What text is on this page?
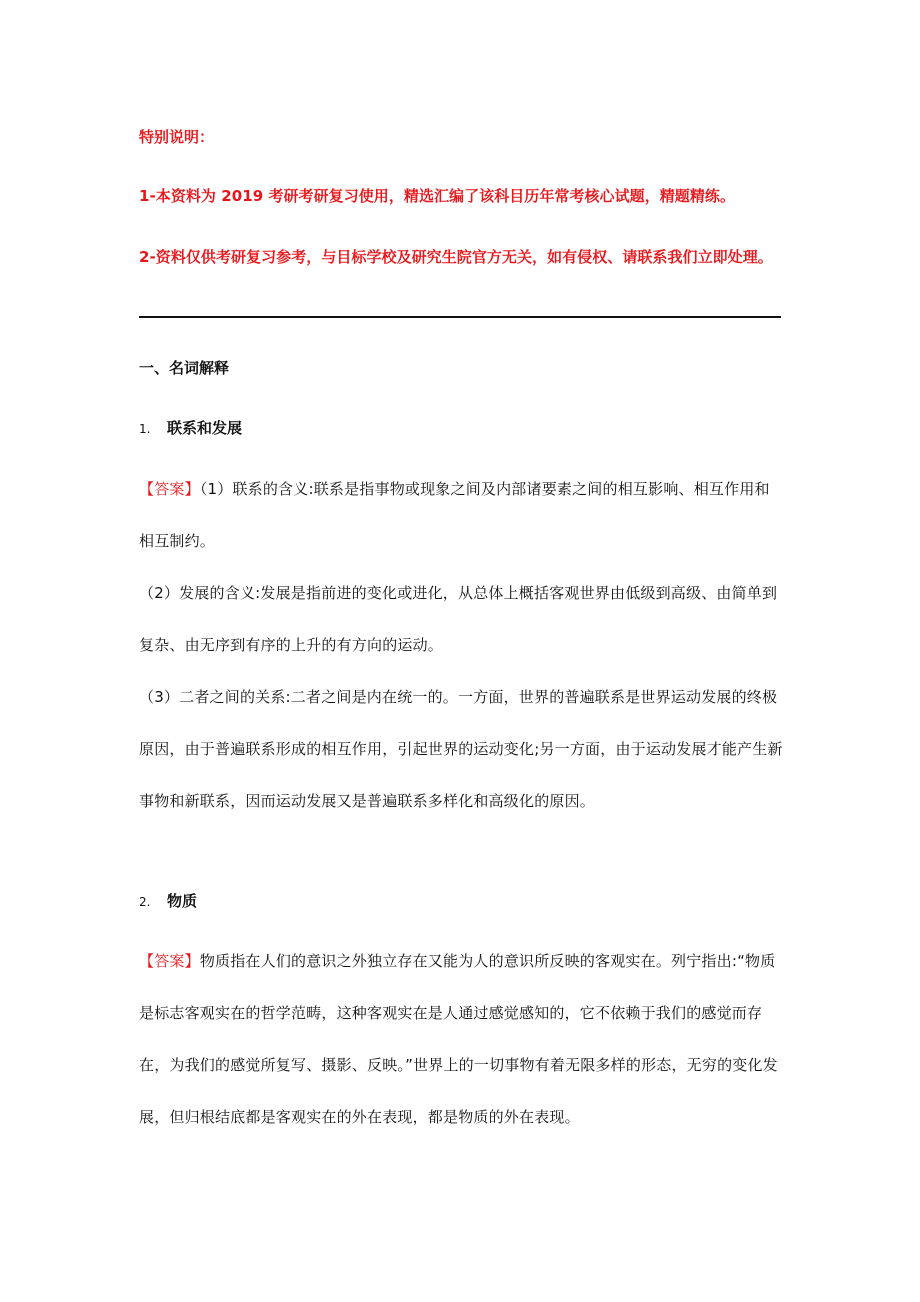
特别说明：
1-本资料为 2019 考研考研复习使用，精选汇编了该科目历年常考核心试题，精题精练。
2-资料仅供考研复习参考，与目标学校及研究生院官方无关，如有侵权、请联系我们立即处理。
一、名词解释
1. 联系和发展

【答案】（1）联系的含义:联系是指事物或现象之间及内部诸要素之间的相互影响、相互作用和相互制约。

（2）发展的含义:发展是指前进的变化或进化，从总体上概括客观世界由低级到高级、由简单到复杂、由无序到有序的上升的有方向的运动。

（3）二者之间的关系:二者之间是内在统一的。一方面，世界的普遍联系是世界运动发展的终极原因，由于普遍联系形成的相互作用，引起世界的运动变化;另一方面，由于运动发展才能产生新事物和新联系，因而运动发展又是普遍联系多样化和高级化的原因。

2. 物质

【答案】物质指在人们的意识之外独立存在又能为人的意识所反映的客观实在。列宁指出:“物质是标志客观实在的哲学范畴，这种客观实在是人通过感觉感知的，它不依赖于我们的感觉而存在，为我们的感觉所复写、摄影、反映。”世界上的一切事物有着无限多样的形态，无穷的变化发展，但归根结底都是客观实在的外在表现，都是物质的外在表现。
